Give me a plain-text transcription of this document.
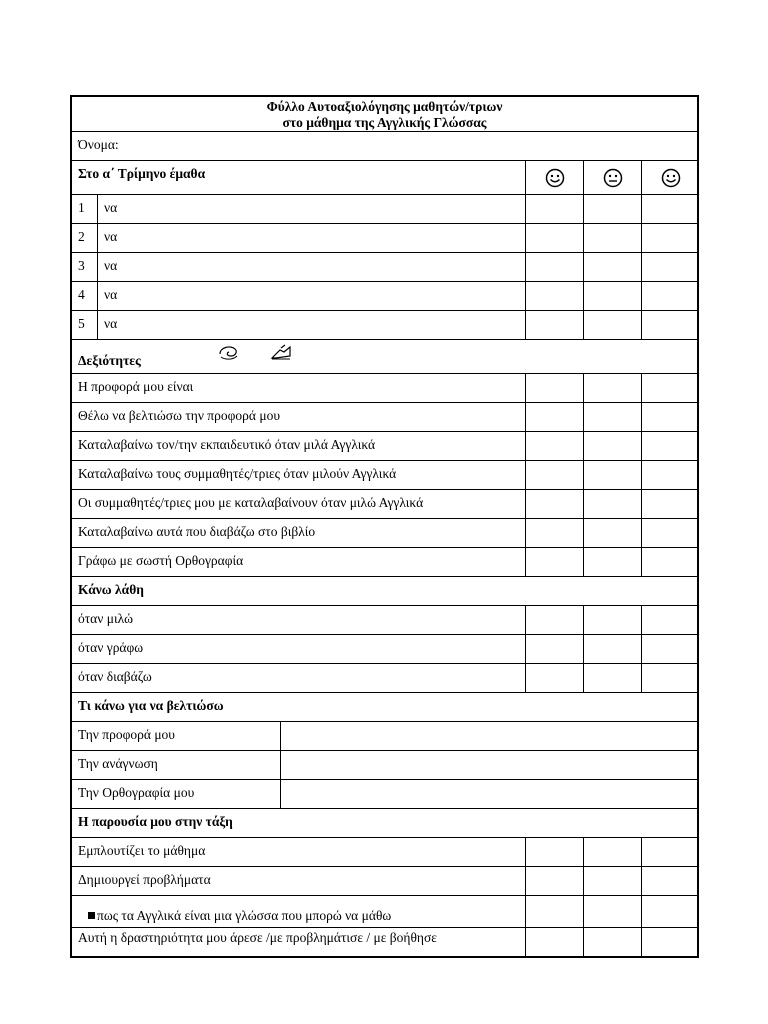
Φύλλο Αυτοαξιολόγησης μαθητών/τριων
στο μάθημα της Αγγλικής Γλώσσας
Όνομα:
Στο α΄ Τρίμηνο έμαθα
1 να
2 να
3 να
4 να
5 να
Δεξιότητες
Η προφορά μου είναι
Θέλω να βελτιώσω την προφορά μου
Καταλαβαίνω τον/την εκπαιδευτικό όταν μιλά Αγγλικά
Καταλαβαίνω τους συμμαθητές/τριες όταν μιλούν Αγγλικά
Οι συμμαθητές/τριες μου με καταλαβαίνουν όταν μιλώ Αγγλικά
Καταλαβαίνω αυτά που διαβάζω στο βιβλίο
Γράφω με σωστή Ορθογραφία
Κάνω λάθη
όταν μιλώ
όταν γράφω
όταν διαβάζω
Τι κάνω για να βελτιώσω
Την προφορά μου
Την ανάγνωση
Την Ορθογραφία μου
Η παρουσία μου στην τάξη
Εμπλουτίζει το μάθημα
Δημιουργεί προβλήματα
πως τα Αγγλικά είναι μια γλώσσα που μπορώ να μάθω
Αυτή η δραστηριότητα μου άρεσε /με προβλημάτισε / με βοήθησε
